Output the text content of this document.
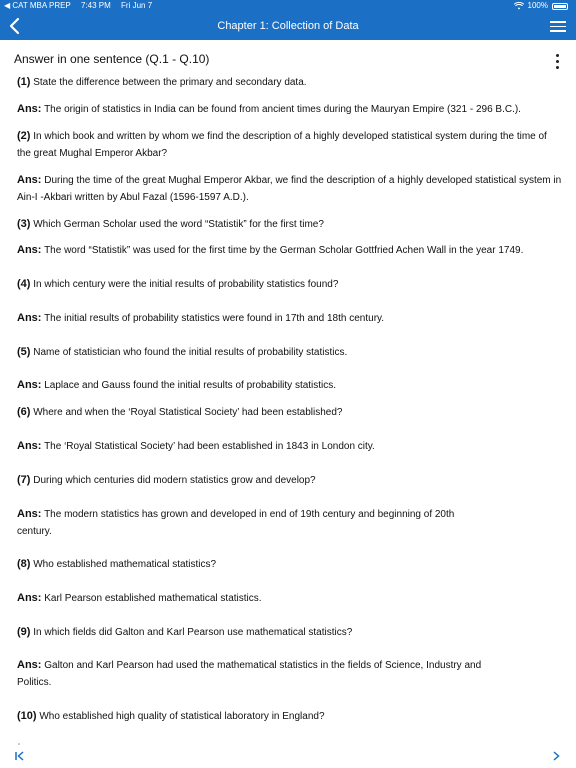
◀ CAT MBA PREP 7:43 PM Fri Jun 7	100%
Chapter 1: Collection of Data
Answer in one sentence (Q.1 - Q.10)
(1) State the difference between the primary and secondary data.
Ans: The origin of statistics in India can be found from ancient times during the Mauryan Empire (321 - 296 B.C.).
(2) In which book and written by whom we find the description of a highly developed statistical system during the time of the great Mughal Emperor Akbar?
Ans: During the time of the great Mughal Emperor Akbar, we find the description of a highly developed statistical system in Ain-I -Akbari written by Abul Fazal (1596-1597 A.D.).
(3) Which German Scholar used the word “Statistik” for the first time?
Ans: The word “Statistik” was used for the first time by the German Scholar Gottfried Achen Wall in the year 1749.
(4) In which century were the initial results of probability statistics found?
Ans: The initial results of probability statistics were found in 17th and 18th century.
(5) Name of statistician who found the initial results of probability statistics.
Ans: Laplace and Gauss found the initial results of probability statistics.
(6) Where and when the ‘Royal Statistical Society’ had been established?
Ans: The ‘Royal Statistical Society’ had been established in 1843 in London city.
(7) During which centuries did modern statistics grow and develop?
Ans: The modern statistics has grown and developed in end of 19th century and beginning of 20th century.
(8) Who established mathematical statistics?
Ans: Karl Pearson established mathematical statistics.
(9) In which fields did Galton and Karl Pearson use mathematical statistics?
Ans: Galton and Karl Pearson had used the mathematical statistics in the fields of Science, Industry and Politics.
(10) Who established high quality of statistical laboratory in England?
